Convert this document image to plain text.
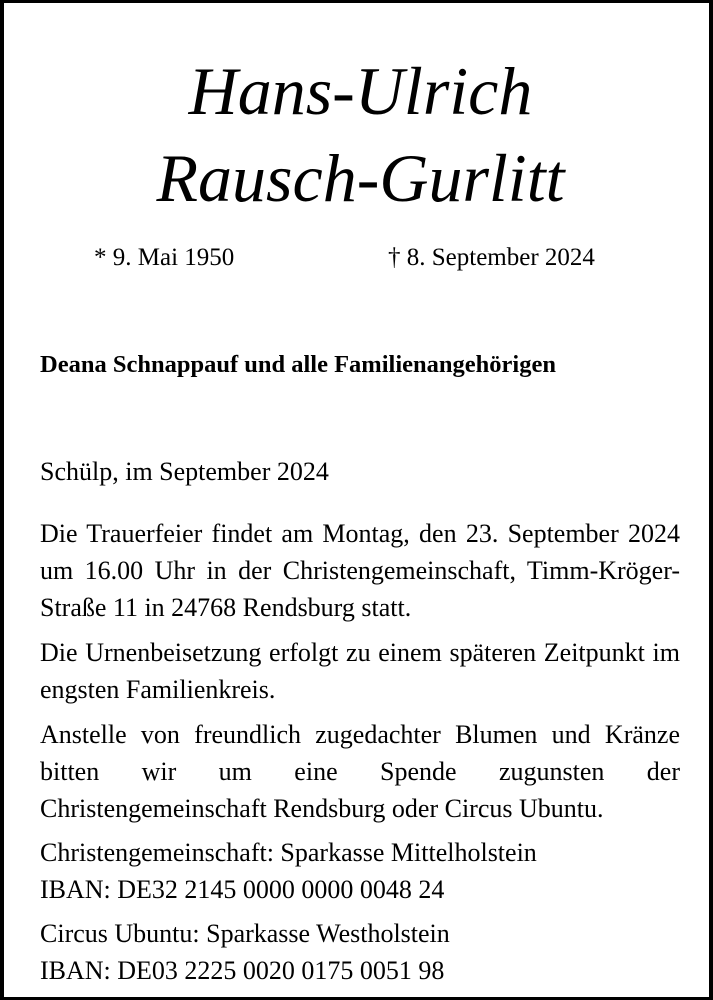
Hans-Ulrich
Rausch-Gurlitt
* 9. Mai 1950	† 8. September 2024
Deana Schnappauf und alle Familienangehörigen
Schülp, im September 2024
Die Trauerfeier findet am Montag, den 23. September 2024 um 16.00 Uhr in der Christengemeinschaft, Timm-Kröger-Straße 11 in 24768 Rendsburg statt.
Die Urnenbeisetzung erfolgt zu einem späteren Zeitpunkt im engsten Familienkreis.
Anstelle von freundlich zugedachter Blumen und Kränze bitten wir um eine Spende zugunsten der Christengemeinschaft Rendsburg oder Circus Ubuntu.
Christengemeinschaft: Sparkasse Mittelholstein
IBAN: DE32 2145 0000 0000 0048 24
Circus Ubuntu: Sparkasse Westholstein
IBAN: DE03 2225 0020 0175 0051 98
